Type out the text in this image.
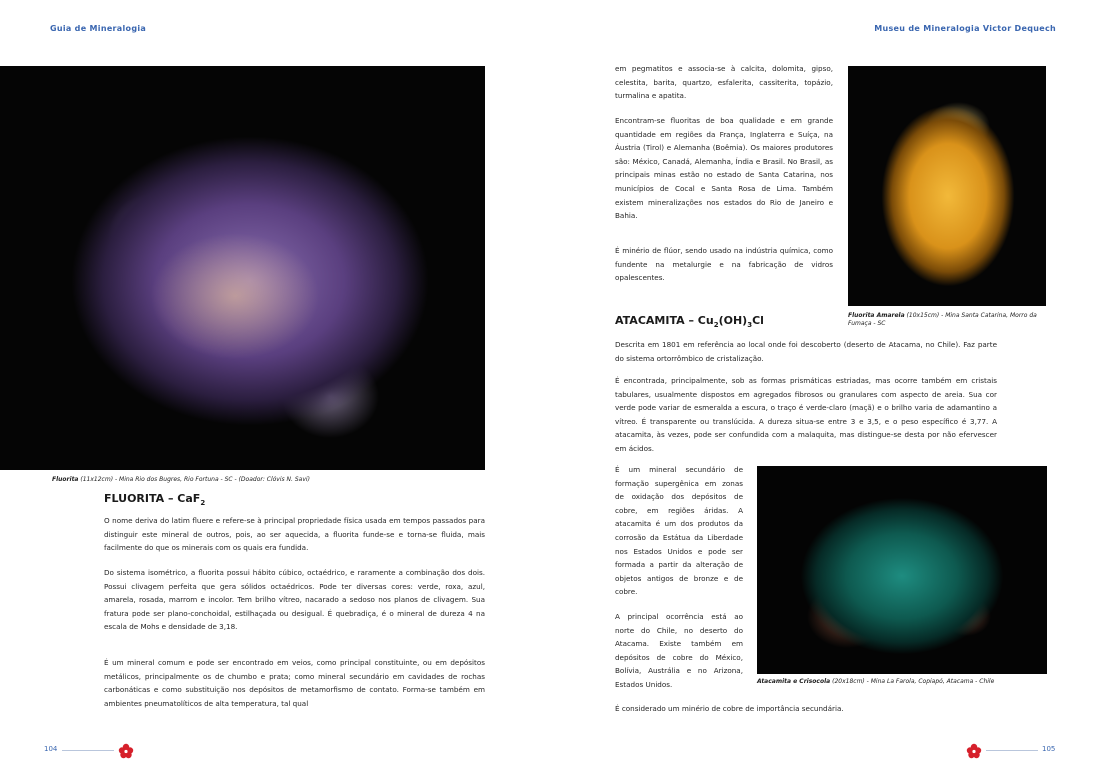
Guia de Mineralogia	Museu de Mineralogia Victor Dequech
Fluorita (11x12cm) - Mina Rio dos Bugres, Rio Fortuna - SC - (Doador: Clóvis N. Savi)
Fluorita Amarela (10x15cm) - Mina Santa Catarina, Morro da Fumaça - SC
Atacamita e Crisocola (20x18cm) - Mina La Farola, Copiapó, Atacama - Chile
FLUORITA – CaF$_2$

O nome deriva do latim fluere e refere-se à principal propriedade física usada em tempos passados para distinguir este mineral de outros, pois, ao ser aquecida, a fluorita funde-se e torna-se fluida, mais facilmente do que os minerais com os quais era fundida.

Do sistema isométrico, a fluorita possui hábito cúbico, octaédrico, e raramente a combinação dos dois. Possui clivagem perfeita que gera sólidos octaédricos. Pode ter diversas cores: verde, roxa, azul, amarela, rosada, marrom e incolor. Tem brilho vítreo, nacarado a sedoso nos planos de clivagem. Sua fratura pode ser plano-conchoidal, estilhaçada ou desigual. É quebradiça, é o mineral de dureza 4 na escala de Mohs e densidade de 3,18.

É um mineral comum e pode ser encontrado em veios, como principal constituinte, ou em depósitos metálicos, principalmente os de chumbo e prata; como mineral secundário em cavidades de rochas carbonáticas e como substituição nos depósitos de metamorfismo de contato. Forma-se também em ambientes pneumatolíticos de alta temperatura, tal qual

em pegmatitos e associa-se à calcita, dolomita, gipso, celestita, barita, quartzo, esfalerita, cassiterita, topázio, turmalina e apatita.

Encontram-se fluoritas de boa qualidade e em grande quantidade em regiões da França, Inglaterra e Suíça, na Áustria (Tirol) e Alemanha (Boêmia). Os maiores produtores são: México, Canadá, Alemanha, Índia e Brasil. No Brasil, as principais minas estão no estado de Santa Catarina, nos municípios de Cocal e Santa Rosa de Lima. Também existem mineralizações nos estados do Rio de Janeiro e Bahia.

É minério de flúor, sendo usado na indústria química, como fundente na metalurgie e na fabricação de vidros opalescentes.

ATACAMITA – $Cu_2(OH)_3Cl$

Descrita em 1801 em referência ao local onde foi descoberto (deserto de Atacama, no Chile). Faz parte do sistema ortorrômbico de cristalização.

É encontrada, principalmente, sob as formas prismáticas estriadas, mas ocorre também em cristais tabulares, usualmente dispostos em agregados fibrosos ou granulares com aspecto de areia. Sua cor verde pode variar de esmeralda a escura, o traço é verde-claro (maçã) e o brilho varia de adamantino a vítreo. É transparente ou translúcida. A dureza situa-se entre 3 e 3,5, e o peso específico é 3,77. A atacamita, às vezes, pode ser confundida com a malaquita, mas distingue-se desta por não efervescer em ácidos.

É um mineral secundário de formação supergênica em zonas de oxidação dos depósitos de cobre, em regiões áridas. A atacamita é um dos produtos da corrosão da Estátua da Liberdade nos Estados Unidos e pode ser formada a partir da alteração de objetos antigos de bronze e de cobre.

A principal ocorrência está ao norte do Chile, no deserto do Atacama. Existe também em depósitos de cobre do México, Bolívia, Austrália e no Arizona, Estados Unidos.

É considerado um minério de cobre de importância secundária.

104	105
